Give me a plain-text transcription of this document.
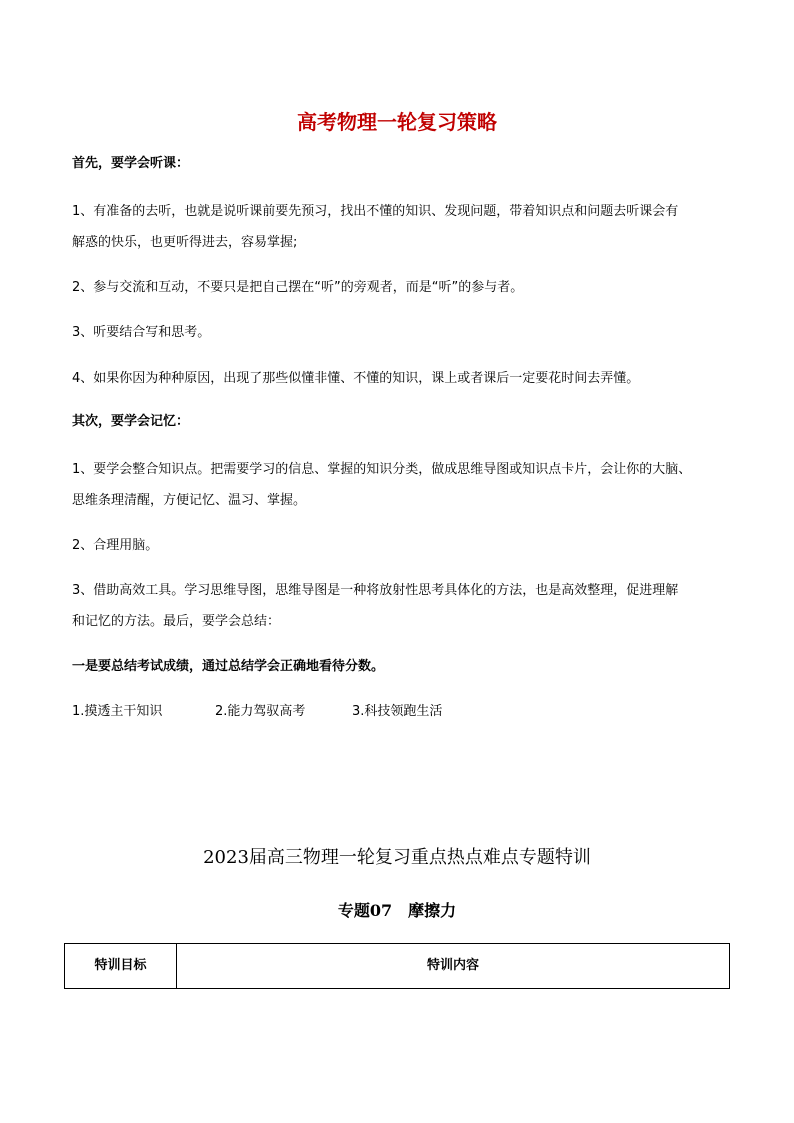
高考物理一轮复习策略
首先，要学会听课：
1、有准备的去听，也就是说听课前要先预习，找出不懂的知识、发现问题，带着知识点和问题去听课会有
解惑的快乐，也更听得进去，容易掌握;
2、参与交流和互动，不要只是把自己摆在“听”的旁观者，而是“听”的参与者。
3、听要结合写和思考。
4、如果你因为种种原因，出现了那些似懂非懂、不懂的知识，课上或者课后一定要花时间去弄懂。
其次，要学会记忆：
1、要学会整合知识点。把需要学习的信息、掌握的知识分类，做成思维导图或知识点卡片，会让你的大脑、
思维条理清醒，方便记忆、温习、掌握。
2、合理用脑。
3、借助高效工具。学习思维导图，思维导图是一种将放射性思考具体化的方法，也是高效整理，促进理解
和记忆的方法。最后，要学会总结：
一是要总结考试成绩，通过总结学会正确地看待分数。
1.摸透主干知识	2.能力驾驭高考	3.科技领跑生活
2023届高三物理一轮复习重点热点难点专题特训
专题07 摩擦力
特训目标	特训内容
